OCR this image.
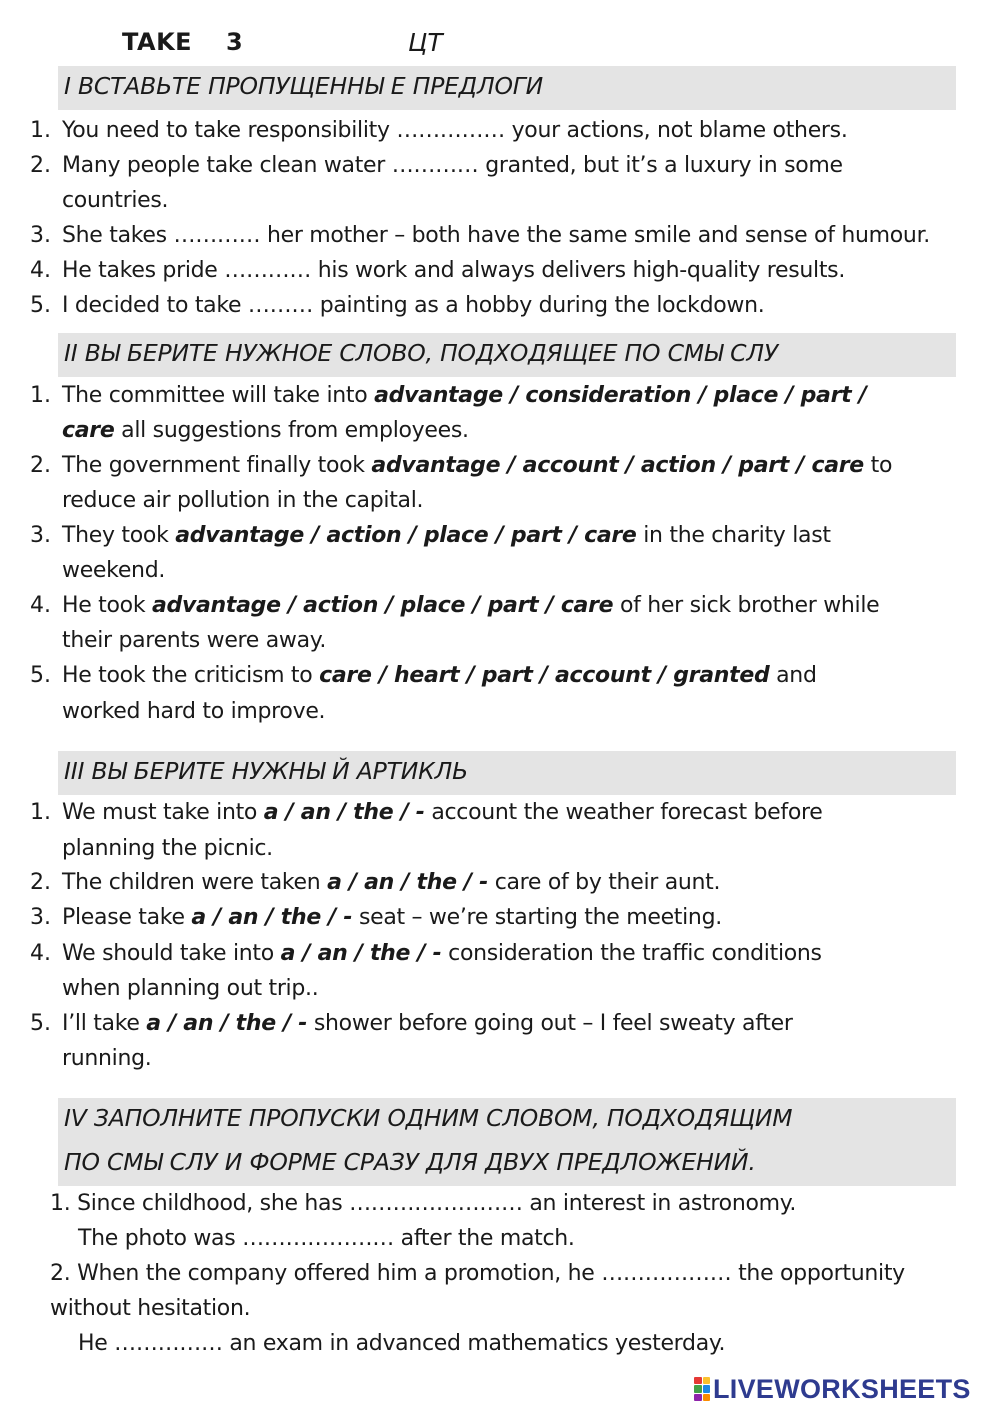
TAKE 3	ЦТ
I ВСТАВЬТЕ ПРОПУЩЕННЫ Е ПРЕДЛОГИ
1. You need to take responsibility …………… your actions, not blame others.
2. Many people take clean water ………… granted, but it’s a luxury in some
countries.
3. She takes ………… her mother – both have the same smile and sense of humour.
4. He takes pride ………… his work and always delivers high-quality results.
5. I decided to take ……… painting as a hobby during the lockdown.
II ВЫ БЕРИТЕ НУЖНОЕ СЛОВО, ПОДХОДЯЩЕЕ ПО СМЫ СЛУ
1. The committee will take into advantage / consideration / place / part /
care all suggestions from employees.
2. The government finally took advantage / account / action / part / care to
reduce air pollution in the capital.
3. They took advantage / action / place / part / care in the charity last
weekend.
4. He took advantage / action / place / part / care of her sick brother while
their parents were away.
5. He took the criticism to care / heart / part / account / granted and
worked hard to improve.
III ВЫ БЕРИТЕ НУЖНЫ Й АРТИКЛЬ
1. We must take into a / an / the / - account the weather forecast before
planning the picnic.
2. The children were taken a / an / the / - care of by their aunt.
3. Please take a / an / the / - seat – we’re starting the meeting.
4. We should take into a / an / the / - consideration the traffic conditions
when planning out trip..
5. I’ll take a / an / the / - shower before going out – I feel sweaty after
running.
IV ЗАПОЛНИТЕ ПРОПУСКИ ОДНИМ СЛОВОМ, ПОДХОДЯЩИМ
ПО СМЫ СЛУ И ФОРМЕ СРАЗУ ДЛЯ ДВУХ ПРЕДЛОЖЕНИЙ.
1. Since childhood, she has …………………… an interest in astronomy.
The photo was ………………… after the match.
2. When the company offered him a promotion, he ……………… the opportunity
without hesitation.
He …………… an exam in advanced mathematics yesterday.
LIVEWORKSHEETS
